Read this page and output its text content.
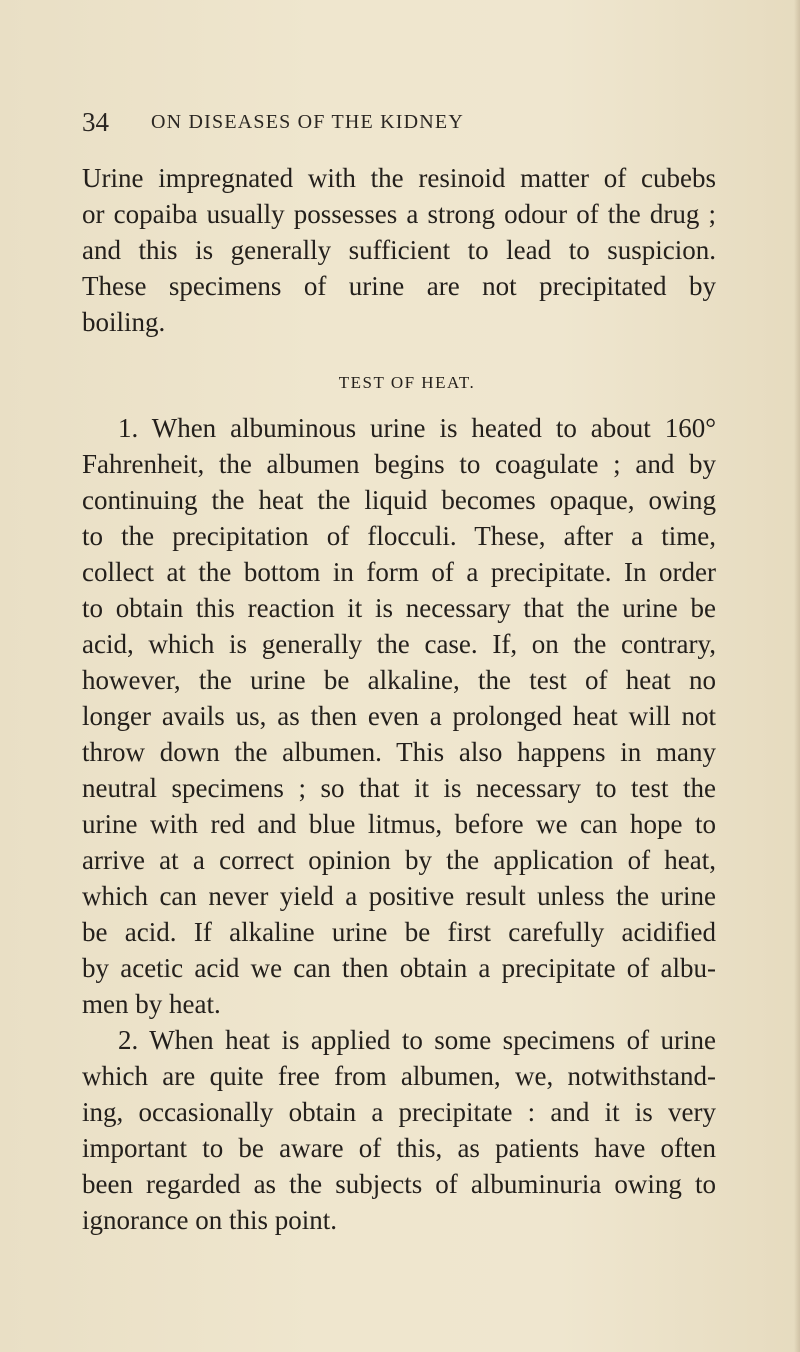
34 ON DISEASES OF THE KIDNEY
Urine impregnated with the resinoid matter of cubebs
or copaiba usually possesses a strong odour of the drug ;
and this is generally sufficient to lead to suspicion.
These specimens of urine are not precipitated by
boiling.
TEST OF HEAT.
1. When albuminous urine is heated to about 160°
Fahrenheit, the albumen begins to coagulate ; and by
continuing the heat the liquid becomes opaque, owing
to the precipitation of flocculi. These, after a time,
collect at the bottom in form of a precipitate. In order
to obtain this reaction it is necessary that the urine be
acid, which is generally the case. If, on the contrary,
however, the urine be alkaline, the test of heat no
longer avails us, as then even a prolonged heat will not
throw down the albumen. This also happens in many
neutral specimens ; so that it is necessary to test the
urine with red and blue litmus, before we can hope to
arrive at a correct opinion by the application of heat,
which can never yield a positive result unless the urine
be acid. If alkaline urine be first carefully acidified
by acetic acid we can then obtain a precipitate of albu-
men by heat.
2. When heat is applied to some specimens of urine
which are quite free from albumen, we, notwithstand-
ing, occasionally obtain a precipitate : and it is very
important to be aware of this, as patients have often
been regarded as the subjects of albuminuria owing to
ignorance on this point.
